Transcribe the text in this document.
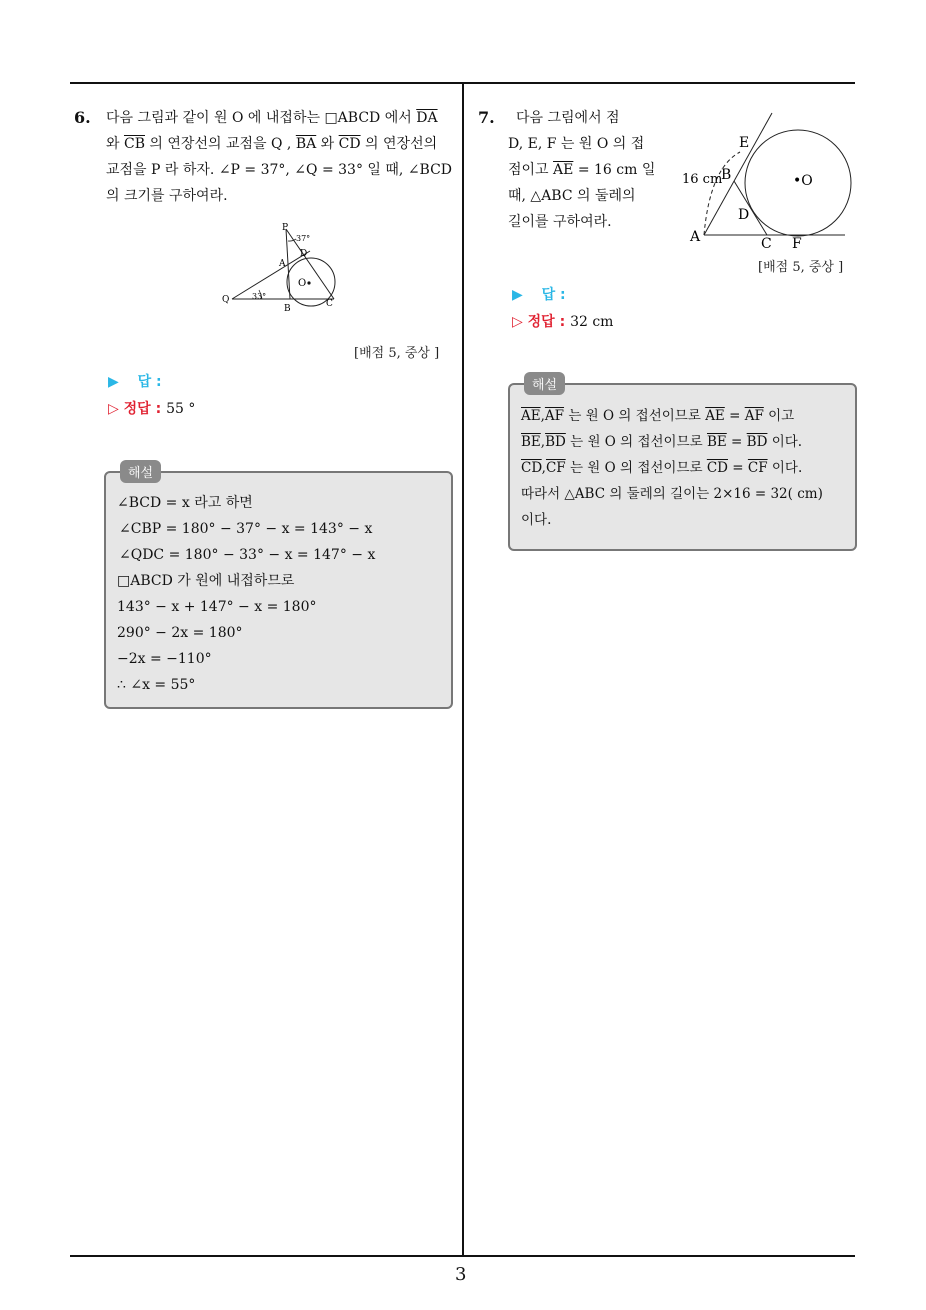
3
6. 다음 그림과 같이 원 O 에 내접하는 □ABCD 에서 $\overline{DA}$
와 $\overline{CB}$ 의 연장선의 교점을 Q , $\overline{BA}$ 와 $\overline{CD}$ 의 연장선의
교점을 P 라 하자. ∠P = 37°, ∠Q = 33° 일 때, ∠BCD
의 크기를 구하여라.
P
37°
D
A
O
Q	33°
B	C
[배점 5, 중상 ]
▶ 답 :
▷ 정답 : 55 °
해설
∠BCD = x 라고 하면
∠CBP = 180° − 37° − x = 143° − x
∠QDC = 180° − 33° − x = 147° − x
□ABCD 가 원에 내접하므로
143° − x + 147° − x = 180°
290° − 2x = 180°
−2x = −110°
∴ ∠x = 55°
7.	다음 그림에서 점
D, E, F 는 원 O 의 접
점이고 $\overline{AE} = 16$ cm 일
때, △ABC 의 둘레의
길이를 구하여라.
E
B
16 cm	•O
D
A	C F
[배점 5, 중상 ]
▶ 답 :
▷ 정답 : 32 cm
해설
$\overline{AE},\overline{AF}$ 는 원 O 의 접선이므로 $\overline{AE} = \overline{AF}$ 이고
$\overline{BE},\overline{BD}$ 는 원 O 의 접선이므로 $\overline{BE} = \overline{BD}$ 이다.
$\overline{CD},\overline{CF}$ 는 원 O 의 접선이므로 $\overline{CD} = \overline{CF}$ 이다.
따라서 △ABC 의 둘레의 길이는 2×16 = 32( cm)
이다.
